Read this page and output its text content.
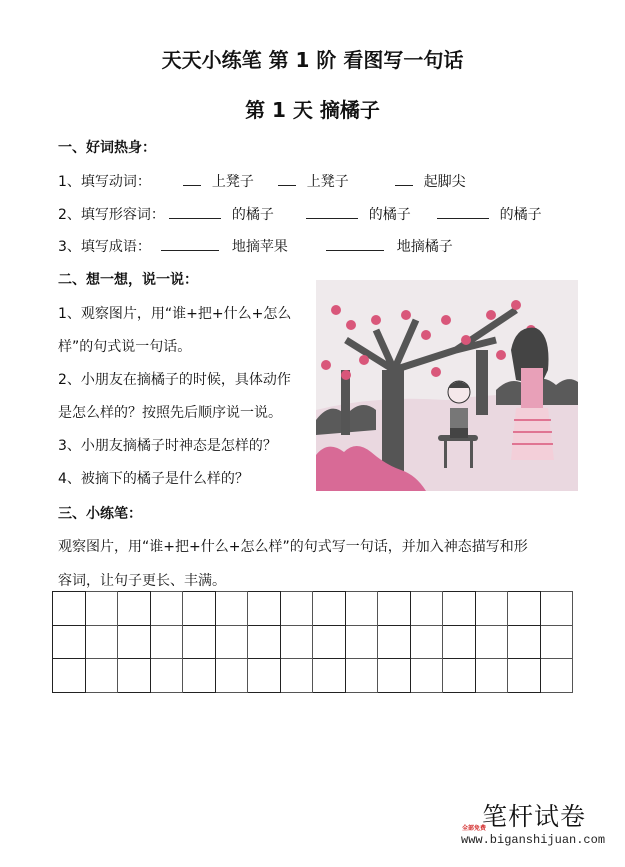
天天小练笔 第 1 阶 看图写一句话
第 1 天 摘橘子
一、好词热身：
1、填写动词：	上凳子	上凳子	起脚尖
2、填写形容词：	的橘子	的橘子	的橘子
3、填写成语：	地摘苹果	地摘橘子
二、想一想，说一说：
1、观察图片，用“谁+把+什么+怎么
样”的句式说一句话。
2、小朋友在摘橘子的时候，具体动作
是怎么样的？按照先后顺序说一说。
3、小朋友摘橘子时神态是怎样的？
4、被摘下的橘子是什么样的？
三、小练笔：
观察图片，用“谁+把+什么+怎么样”的句式写一句话，并加入神态描写和形
容词，让句子更长、丰满。

笔杆试卷
全部免费
www.biganshijuan.com
